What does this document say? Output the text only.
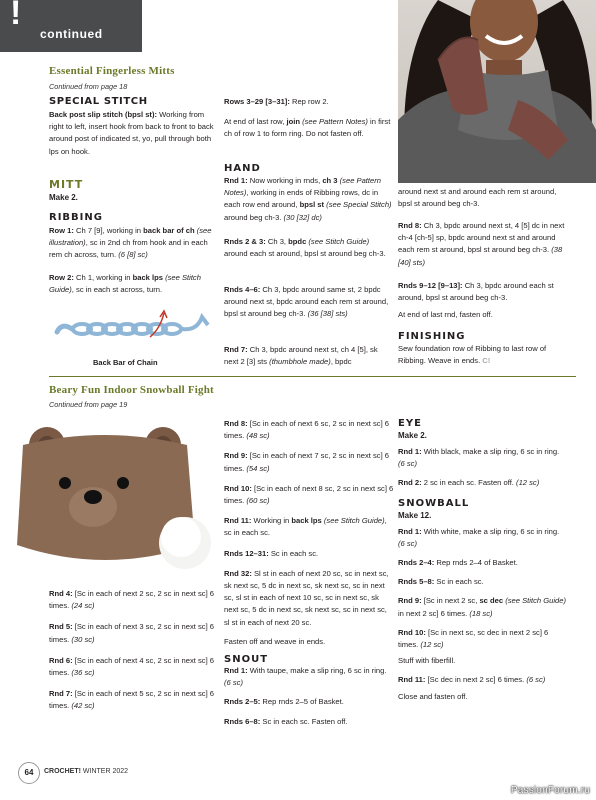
!
continued
Essential Fingerless Mitts
Continued from page 18
SPECIAL STITCH
Back post slip stitch (bpsl st): Working from right to left, insert hook from back to front to back around post of indicated st, yo, pull through both lps on hook.
MITT
Make 2.
RIBBING
Row 1: Ch 7 [9], working in back bar of ch (see illustration), sc in 2nd ch from hook and in each rem ch across, turn. (6 [8] sc)
Row 2: Ch 1, working in back lps (see Stitch Guide), sc in each st across, turn.
Back Bar of Chain
Rows 3–29 [3–31]: Rep row 2.
At end of last row, join (see Pattern Notes) in first ch of row 1 to form ring. Do not fasten off.
HAND
Rnd 1: Now working in rnds, ch 3 (see Pattern Notes), working in ends of Ribbing rows, dc in each row end around, bpsl st (see Special Stitch) around beg ch-3. (30 [32] dc)
Rnds 2 & 3: Ch 3, bpdc (see Stitch Guide) around each st around, bpsl st around beg ch-3.
Rnds 4–6: Ch 3, bpdc around same st, 2 bpdc around next st, bpdc around each rem st around, bpsl st around beg ch-3. (36 [38] sts)
Rnd 7: Ch 3, bpdc around next st, ch 4 [5], sk next 2 [3] sts (thumbhole made), bpdc
around next st and around each rem st around, bpsl st around beg ch-3.
Rnd 8: Ch 3, bpdc around next st, 4 [5] dc in next ch-4 [ch-5] sp, bpdc around next st and around each rem st around, bpsl st around beg ch-3. (38 [40] sts)
Rnds 9–12 [9–13]: Ch 3, bpdc around each st around, bpsl st around beg ch-3.
At end of last rnd, fasten off.
FINISHING
Sew foundation row of Ribbing to last row of Ribbing. Weave in ends. C!
Beary Fun Indoor Snowball Fight
Continued from page 19
Rnd 4: [Sc in each of next 2 sc, 2 sc in next sc] 6 times. (24 sc)
Rnd 5: [Sc in each of next 3 sc, 2 sc in next sc] 6 times. (30 sc)
Rnd 6: [Sc in each of next 4 sc, 2 sc in next sc] 6 times. (36 sc)
Rnd 7: [Sc in each of next 5 sc, 2 sc in next sc] 6 times. (42 sc)
Rnd 8: [Sc in each of next 6 sc, 2 sc in next sc] 6 times. (48 sc)
Rnd 9: [Sc in each of next 7 sc, 2 sc in next sc] 6 times. (54 sc)
Rnd 10: [Sc in each of next 8 sc, 2 sc in next sc] 6 times. (60 sc)
Rnd 11: Working in back lps (see Stitch Guide), sc in each sc.
Rnds 12–31: Sc in each sc.
Rnd 32: Sl st in each of next 20 sc, sc in next sc, sk next sc, 5 dc in next sc, sk next sc, sc in next sc, sl st in each of next 10 sc, sc in next sc, sk next sc, 5 dc in next sc, sk next sc, sc in next sc, sl st in each of next 20 sc.
Fasten off and weave in ends.
SNOUT
Rnd 1: With taupe, make a slip ring, 6 sc in ring. (6 sc)
Rnds 2–5: Rep rnds 2–5 of Basket.
Rnds 6–8: Sc in each sc. Fasten off.
EYE
Make 2.
Rnd 1: With black, make a slip ring, 6 sc in ring. (6 sc)
Rnd 2: 2 sc in each sc. Fasten off. (12 sc)
SNOWBALL
Make 12.
Rnd 1: With white, make a slip ring, 6 sc in ring. (6 sc)
Rnds 2–4: Rep rnds 2–4 of Basket.
Rnds 5–8: Sc in each sc.
Rnd 9: [Sc in next 2 sc, sc dec (see Stitch Guide) in next 2 sc] 6 times. (18 sc)
Rnd 10: [Sc in next sc, sc dec in next 2 sc] 6 times. (12 sc)
Stuff with fiberfill.
Rnd 11: [Sc dec in next 2 sc] 6 times. (6 sc)
Close and fasten off.
64	CROCHET! WINTER 2022
PassionForum.ru
